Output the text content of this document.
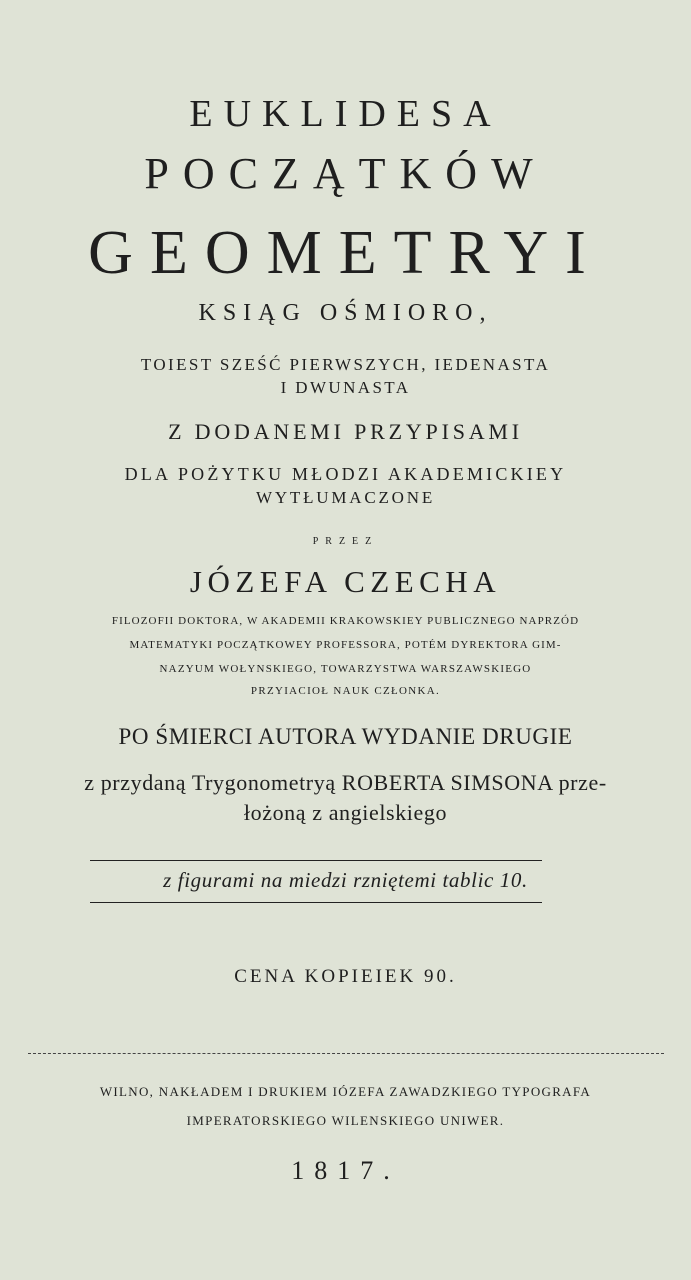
EUKLIDESA
POCZĄTKÓW
GEOMETRYI
KSIĄG OŚMIORO,
TOIEST SZEŚĆ PIERWSZYCH, IEDENASTA
I DWUNASTA
Z DODANEMI PRZYPISAMI
DLA POŻYTKU MŁODZI AKADEMICKIEY
WYTŁUMACZONE
PRZEZ
JÓZEFA CZECHA
FILOZOFII DOKTORA, W AKADEMII KRAKOWSKIEY PUBLICZNEGO NAPRZÓD
MATEMATYKI POCZĄTKOWEY PROFESSORA, POTÉM DYREKTORA GIM-
NAZYUM WOŁYNSKIEGO, TOWARZYSTWA WARSZAWSKIEGO
PRZYIACIOŁ NAUK CZŁONKA.
PO ŚMIERCI AUTORA WYDANIE DRUGIE
z przydaną Trygonometryą ROBERTA SIMSONA prze-
łożoną z angielskiego
z figurami na miedzi rznię​temi tablic 10.
CENA KOPIEIEK 90.
WILNO, NAKŁADEM I DRUKIEM IÓZEFA ZAWADZKIEGO TYPOGRAFA
IMPERATORSKIEGO WILENSKIEGO UNIWER.
1817.
